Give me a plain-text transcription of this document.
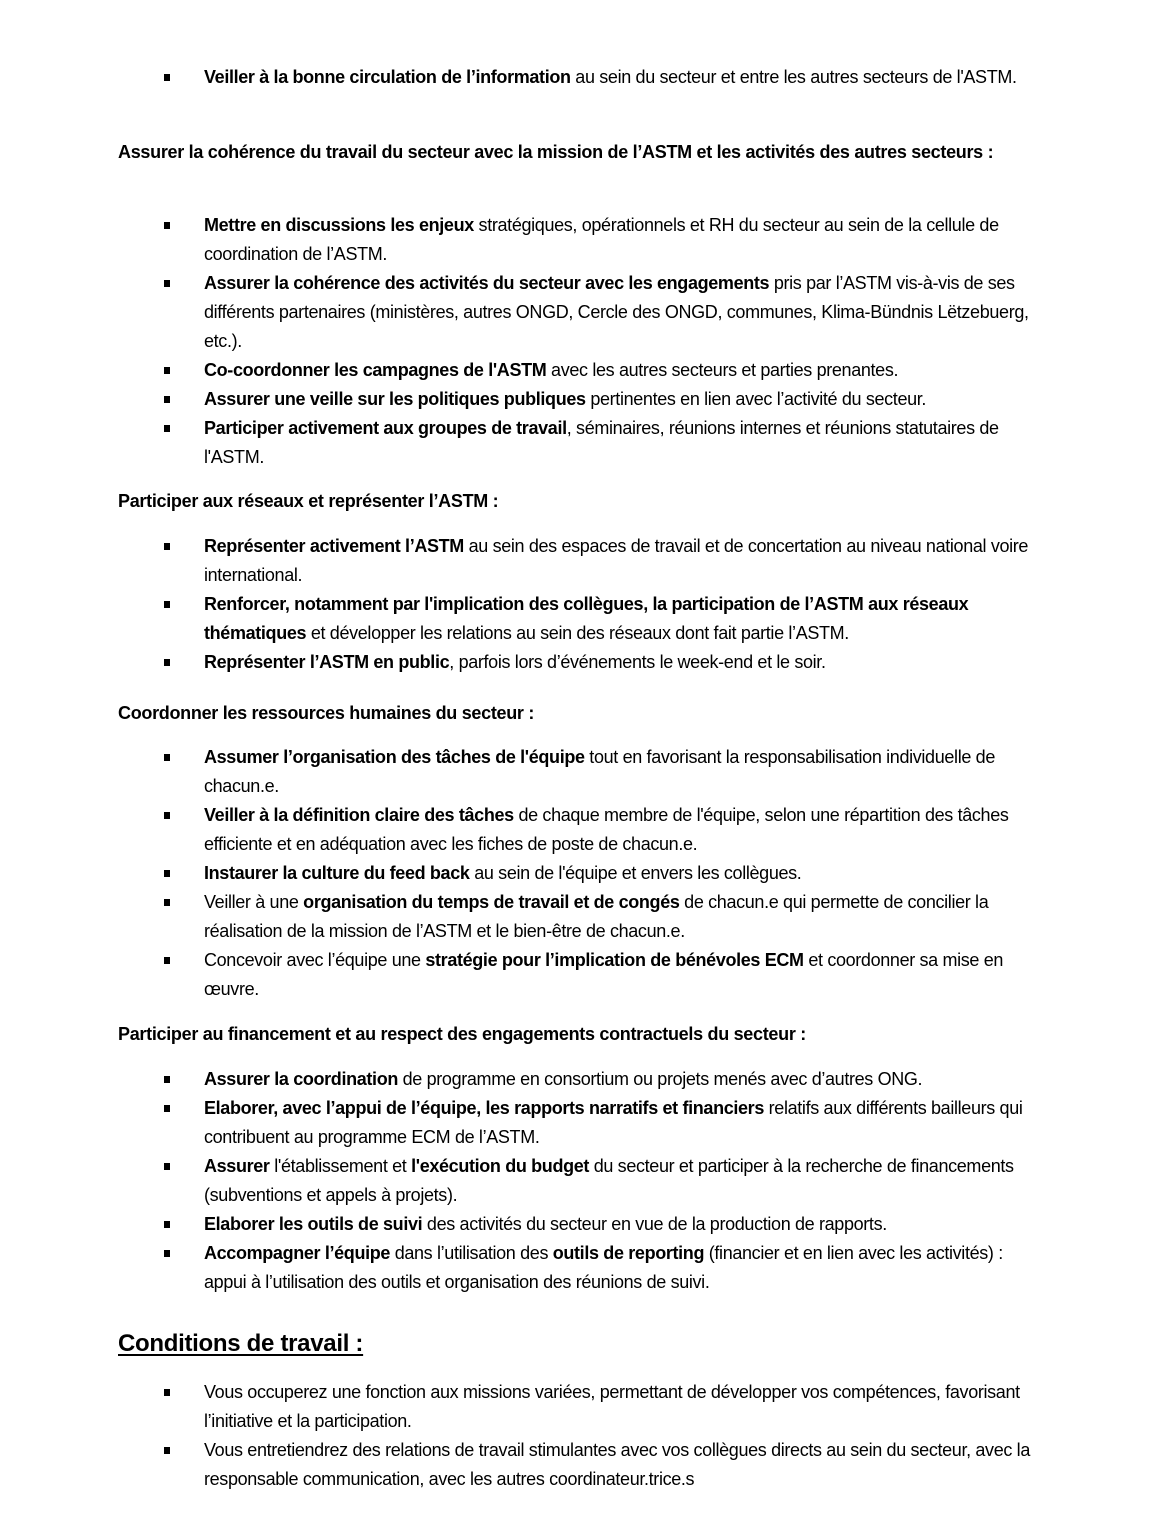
Veiller à la bonne circulation de l’information au sein du secteur et entre les autres secteurs de l'ASTM.
Assurer la cohérence du travail du secteur avec la mission de l’ASTM et les activités des autres secteurs :
Mettre en discussions les enjeux stratégiques, opérationnels et RH du secteur au sein de la cellule de coordination de l’ASTM.
Assurer la cohérence des activités du secteur avec les engagements pris par l’ASTM vis-à-vis de ses différents partenaires (ministères, autres ONGD, Cercle des ONGD, communes, Klima-Bündnis Lëtzebuerg, etc.).
Co-coordonner les campagnes de l'ASTM avec les autres secteurs et parties prenantes.
Assurer une veille sur les politiques publiques pertinentes en lien avec l’activité du secteur.
Participer activement aux groupes de travail, séminaires, réunions internes et réunions statutaires de l'ASTM.
Participer aux réseaux et représenter l’ASTM :
Représenter activement l’ASTM au sein des espaces de travail et de concertation au niveau national voire international.
Renforcer, notamment par l'implication des collègues, la participation de l’ASTM aux réseaux thématiques et développer les relations au sein des réseaux dont fait partie l’ASTM.
Représenter l’ASTM en public, parfois lors d’événements le week-end et le soir.
Coordonner les ressources humaines du secteur :
Assumer l’organisation des tâches de l'équipe tout en favorisant la responsabilisation individuelle de chacun.e.
Veiller à la définition claire des tâches de chaque membre de l'équipe, selon une répartition des tâches efficiente et en adéquation avec les fiches de poste de chacun.e.
Instaurer la culture du feed back au sein de l'équipe et envers les collègues.
Veiller à une organisation du temps de travail et de congés de chacun.e qui permette de concilier la réalisation de la mission de l’ASTM et le bien-être de chacun.e.
Concevoir avec l’équipe une stratégie pour l’implication de bénévoles ECM et coordonner sa mise en œuvre.
Participer au financement et au respect des engagements contractuels du secteur :
Assurer la coordination de programme en consortium ou projets menés avec d’autres ONG.
Elaborer, avec l’appui de l’équipe, les rapports narratifs et financiers relatifs aux différents bailleurs qui contribuent au programme ECM de l’ASTM.
Assurer l'établissement et l'exécution du budget du secteur et participer à la recherche de financements (subventions et appels à projets).
Elaborer les outils de suivi des activités du secteur en vue de la production de rapports.
Accompagner l’équipe dans l’utilisation des outils de reporting (financier et en lien avec les activités) : appui à l’utilisation des outils et organisation des réunions de suivi.
Conditions de travail :
Vous occuperez une fonction aux missions variées, permettant de développer vos compétences, favorisant l’initiative et la participation.
Vous entretiendrez des relations de travail stimulantes avec vos collègues directs au sein du secteur, avec la responsable communication, avec les autres coordinateur.trice.s
